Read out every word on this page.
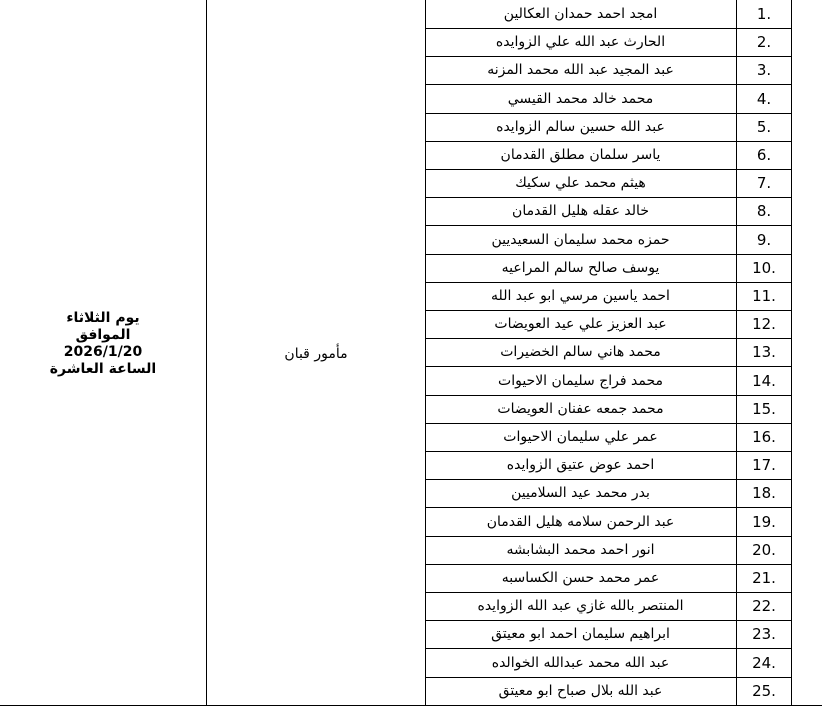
يوم الثلاثاء
الموافق
2026/1/20
الساعة العاشرة
مأمور قبان
امجد احمد حمدان العكالين	.1
الحارث عبد الله علي الزوايده	.2
عبد المجيد عبد الله محمد المزنه	.3
محمد خالد محمد القيسي	.4
عبد الله حسين سالم الزوايده	.5
ياسر سلمان مطلق القدمان	.6
هيثم محمد علي سكيك	.7
خالد عقله هليل القدمان	.8
حمزه محمد سليمان السعيديين	.9
يوسف صالح سالم المراعيه	.10
احمد ياسين مرسي ابو عبد الله	.11
عبد العزيز علي عيد العويضات	.12
محمد هاني سالم الخضيرات	.13
محمد فراج سليمان الاحيوات	.14
محمد جمعه عفنان العويضات	.15
عمر علي سليمان الاحيوات	.16
احمد عوض عتيق الزوايده	.17
بدر محمد عيد السلاميين	.18
عبد الرحمن سلامه هليل القدمان	.19
انور احمد محمد البشابشه	.20
عمر محمد حسن الكساسبه	.21
المنتصر بالله غازي عبد الله الزوايده	.22
ابراهيم سليمان احمد ابو معيتق	.23
عبد الله محمد عبدالله الخوالده	.24
عبد الله بلال صباح ابو معيتق	.25
